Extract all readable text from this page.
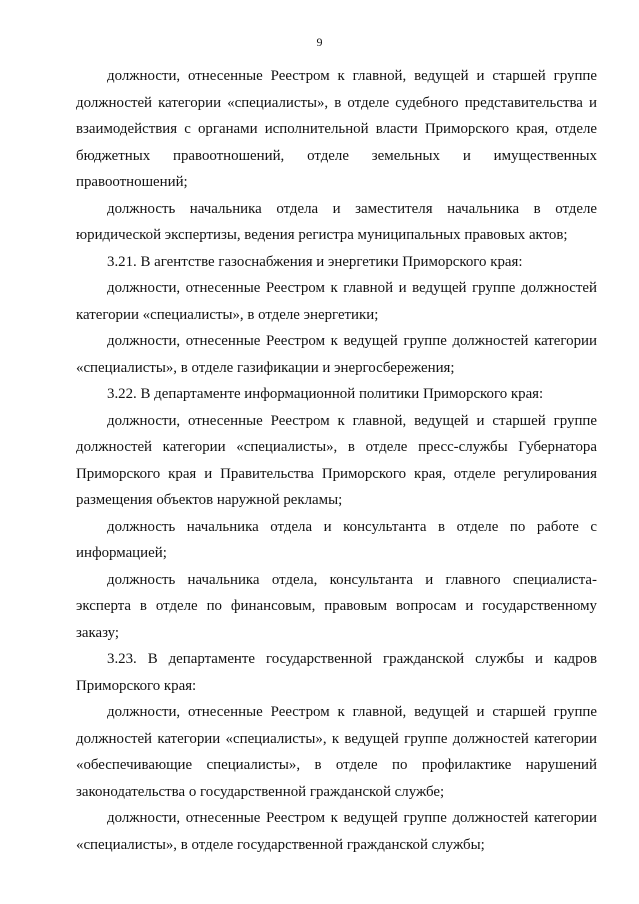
9

должности, отнесенные Реестром к главной, ведущей и старшей группе должностей категории «специалисты», в отделе судебного представительства и взаимодействия с органами исполнительной власти Приморского края, отделе бюджетных правоотношений, отделе земельных и имущественных правоотношений;

должность начальника отдела и заместителя начальника в отделе юридической экспертизы, ведения регистра муниципальных правовых актов;

3.21. В агентстве газоснабжения и энергетики Приморского края:

должности, отнесенные Реестром к главной и ведущей группе должностей категории «специалисты», в отделе энергетики;

должности, отнесенные Реестром к ведущей группе должностей категории «специалисты», в отделе газификации и энергосбережения;

3.22. В департаменте информационной политики Приморского края:

должности, отнесенные Реестром к главной, ведущей и старшей группе должностей категории «специалисты», в отделе пресс-службы Губернатора Приморского края и Правительства Приморского края, отделе регулирования размещения объектов наружной рекламы;

должность начальника отдела и консультанта в отделе по работе с информацией;

должность начальника отдела, консультанта и главного специалиста-эксперта в отделе по финансовым, правовым вопросам и государственному заказу;

3.23. В департаменте государственной гражданской службы и кадров Приморского края:

должности, отнесенные Реестром к главной, ведущей и старшей группе должностей категории «специалисты», к ведущей группе должностей категории «обеспечивающие специалисты», в отделе по профилактике нарушений законодательства о государственной гражданской службе;

должности, отнесенные Реестром к ведущей группе должностей категории «специалисты», в отделе государственной гражданской службы;
